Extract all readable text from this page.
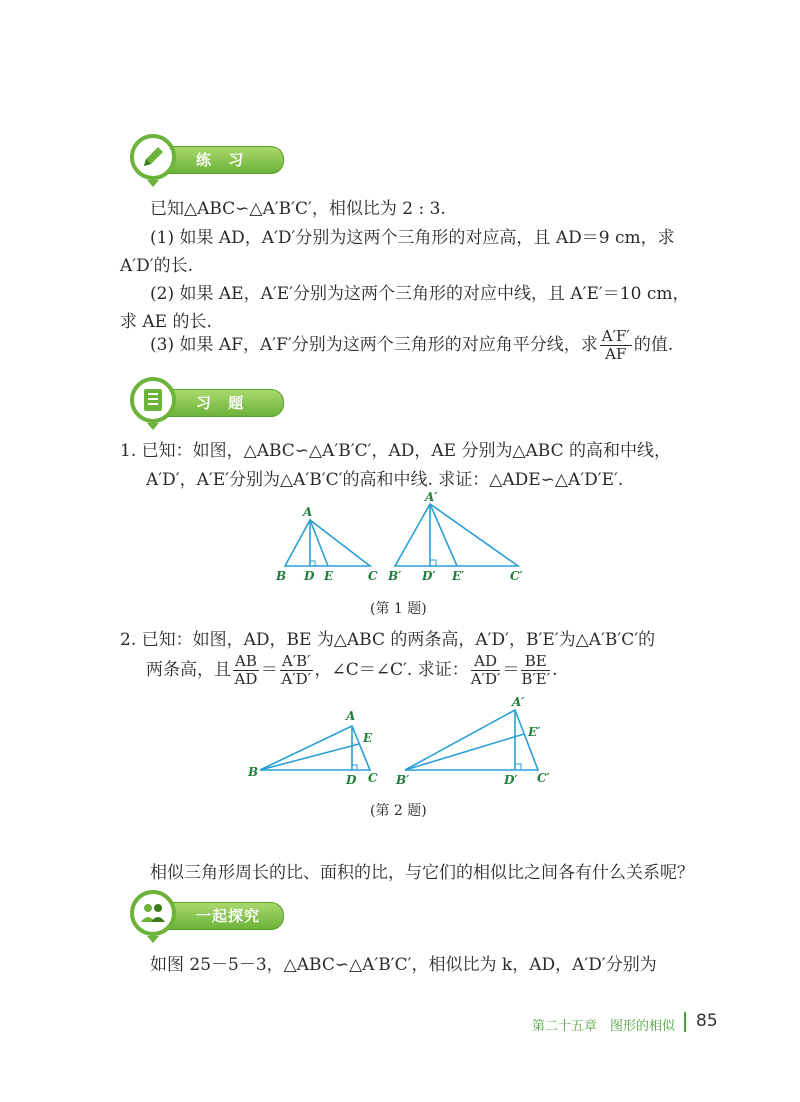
练 习
已知△ABC∽△A′B′C′，相似比为 2 : 3.
(1) 如果 AD，A′D′分别为这两个三角形的对应高，且 AD＝9 cm，求
A′D′的长.
(2) 如果 AE，A′E′分别为这两个三角形的对应中线，且 A′E′＝10 cm，
求 AE 的长.
(3) 如果 AF，A′F′分别为这两个三角形的对应角平分线，求 $\frac{A'F'}{AF}$ 的值.
习 题
1. 已知：如图，△ABC∽△A′B′C′，AD，AE 分别为△ABC 的高和中线，
A′D′，A′E′分别为△A′B′C′的高和中线. 求证：△ADE∽△A′D′E′.
A
B D E	C
A′
B′ D′ E′	C′
(第 1 题)
2. 已知：如图，AD，BE 为△ABC 的两条高，A′D′，B′E′为△A′B′C′的
两条高，且 $\frac{AB}{AD} = \frac{A'B'}{A'D'}$ ，∠C＝∠C′. 求证： $\frac{AD}{A'D'} = \frac{BE}{B'E'}$ .
A
B
D
E
C
A′
B′	D′
E′
C′
(第 2 题)
相似三角形周长的比、面积的比，与它们的相似比之间各有什么关系呢？
一起探究
如图 25－5－3，△ABC∽△A′B′C′，相似比为 k，AD，A′D′分别为
第二十五章　图形的相似 85
